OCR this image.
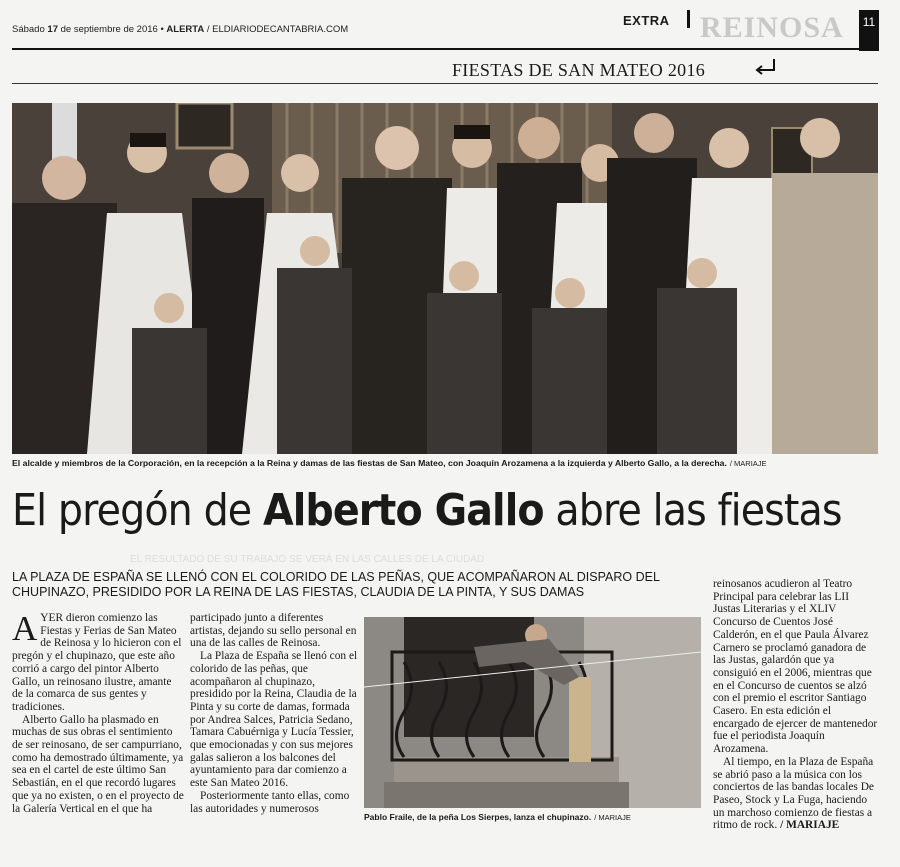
Sábado 17 de septiembre de 2016 • ALERTA / ELDIARIODECANTABRIA.COM
EXTRA REINOSA	11
FIESTAS DE SAN MATEO 2016
El alcalde y miembros de la Corporación, en la recepción a la Reina y damas de las fiestas de San Mateo, con Joaquín Arozamena a la izquierda y Alberto Gallo, a la derecha. / MARIAJE
El pregón de Alberto Gallo abre las fiestas
EL RESULTADO DE SU TRABAJO SE VERÁ EN LAS CALLES DE LA CIUDAD
LA PLAZA DE ESPAÑA SE LLENÓ CON EL COLORIDO DE LAS PEÑAS, QUE ACOMPAÑARON AL DISPARO DEL CHUPINAZO, PRESIDIDO POR LA REINA DE LAS FIESTAS, CLAUDIA DE LA PINTA, Y SUS DAMAS

AYER dieron comienzo las Fiestas y Ferias de San Mateo de Reinosa y lo hicieron con el pregón y el chupinazo, que este año corrió a cargo del pintor Alberto Gallo, un reinosano ilustre, amante de la comarca de sus gentes y tradiciones.

Alberto Gallo ha plasmado en muchas de sus obras el sentimiento de ser reinosano, de ser campurriano, como ha demostrado últimamente, ya sea en el cartel de este último San Sebastián, en el que recordó lugares que ya no existen, o en el proyecto de la Galería Vertical en el que ha

participado junto a diferentes artistas, dejando su sello personal en una de las calles de Reinosa.

La Plaza de España se llenó con el colorido de las peñas, que acompañaron al chupinazo, presidido por la Reina, Claudia de la Pinta y su corte de damas, formada por Andrea Salces, Patricia Sedano, Tamara Cabuérniga y Lucía Tessier, que emocionadas y con sus mejores galas salieron a los balcones del ayuntamiento para dar comienzo a este San Mateo 2016.

Posteriormente tanto ellas, como las autoridades y numerosos

Pablo Fraile, de la peña Los Sierpes, lanza el chupinazo. / MARIAJE

reinosanos acudieron al Teatro Principal para celebrar las LII Justas Literarias y el XLIV Concurso de Cuentos José Calderón, en el que Paula Álvarez Carnero se proclamó ganadora de las Justas, galardón que ya consiguió en el 2006, mientras que en el Concurso de cuentos se alzó con el premio el escritor Santiago Casero. En esta edición el encargado de ejercer de mantenedor fue el periodista Joaquín Arozamena.

Al tiempo, en la Plaza de España se abrió paso a la música con los conciertos de las bandas locales De Paseo, Stock y La Fuga, haciendo un marchoso comienzo de fiestas a ritmo de rock. / MARIAJE
